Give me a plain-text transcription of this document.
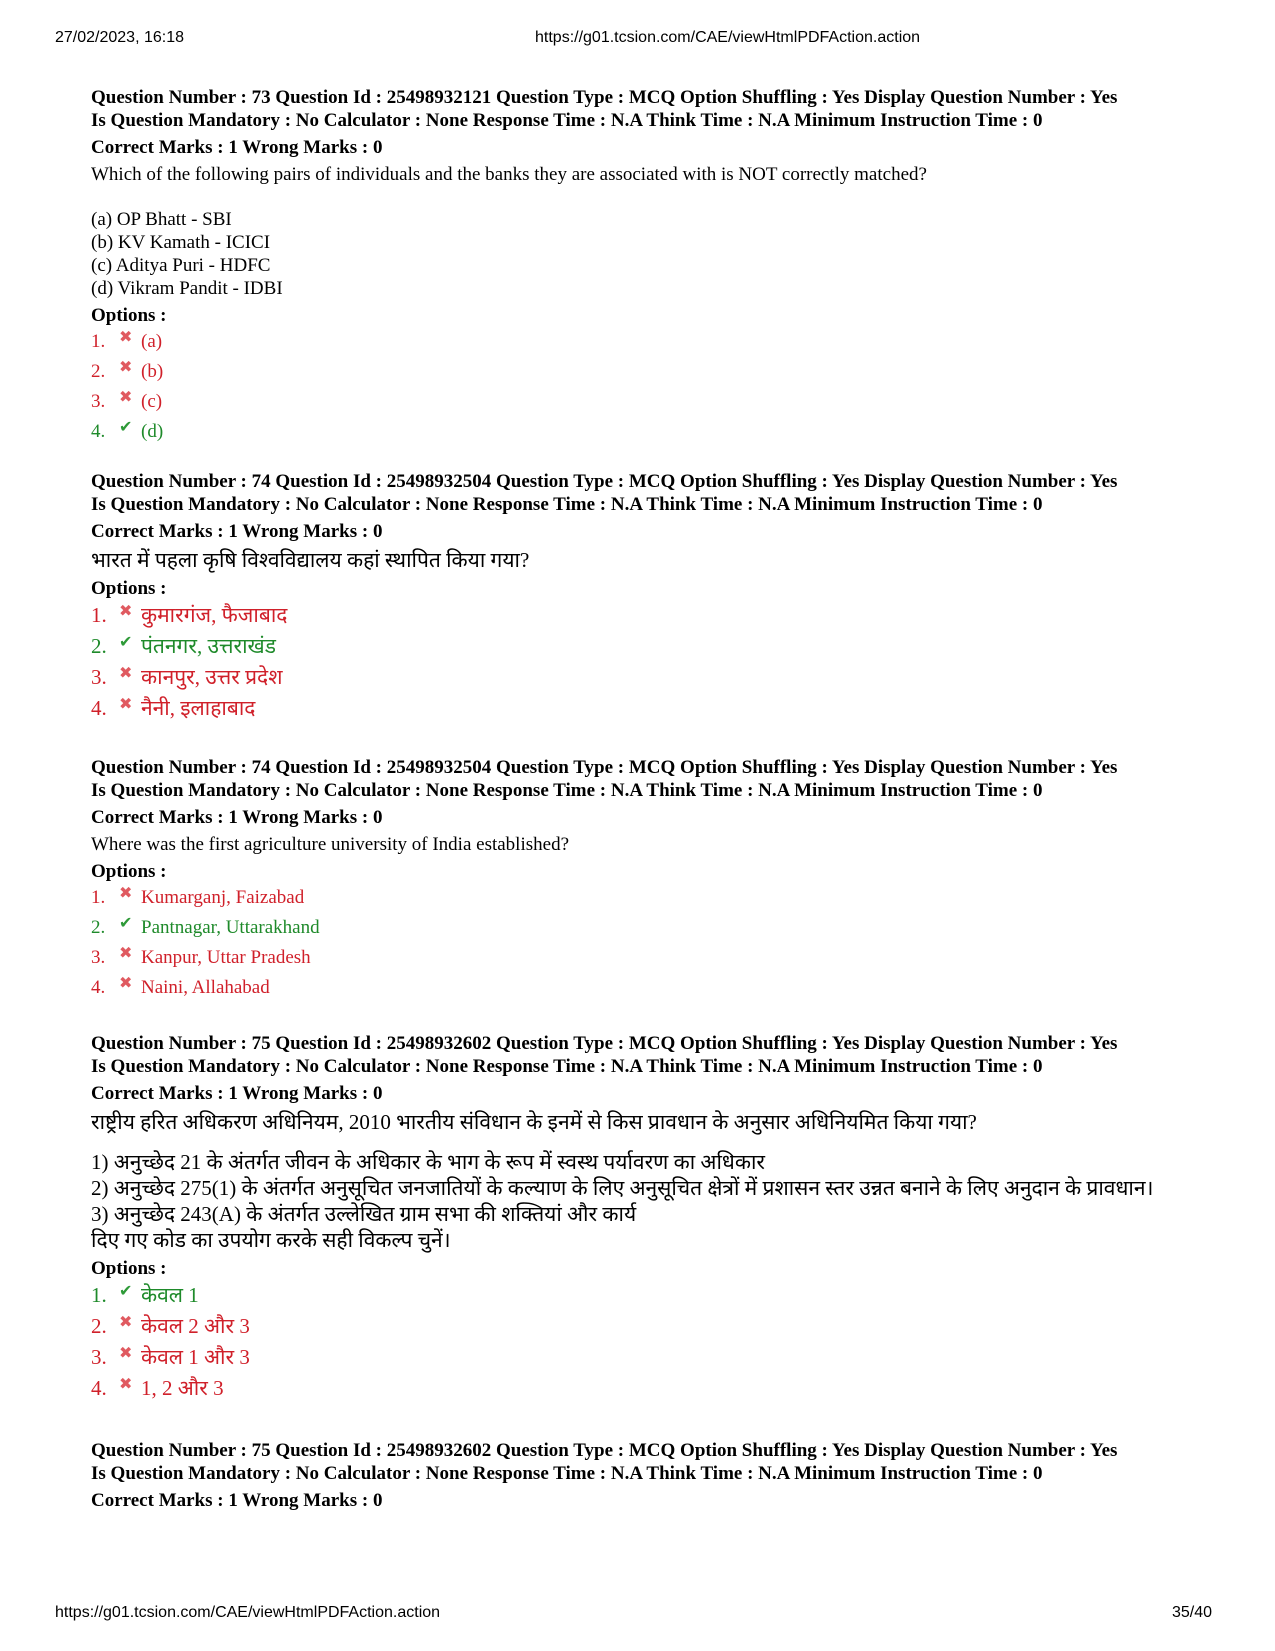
27/02/2023, 16:18	https://g01.tcsion.com/CAE/viewHtmlPDFAction.action

Question Number : 73 Question Id : 25498932121 Question Type : MCQ Option Shuffling : Yes Display Question Number : Yes

Is Question Mandatory : No Calculator : None Response Time : N.A Think Time : N.A Minimum Instruction Time : 0

Correct Marks : 1 Wrong Marks : 0

Which of the following pairs of individuals and the banks they are associated with is NOT correctly matched?

(a) OP Bhatt - SBI

(b) KV Kamath - ICICI

(c) Aditya Puri - HDFC

(d) Vikram Pandit - IDBI

Options :

1. ✖ (a)

2. ✖ (b)

3. ✖ (c)

4. ✔ (d)

Question Number : 74 Question Id : 25498932504 Question Type : MCQ Option Shuffling : Yes Display Question Number : Yes

Is Question Mandatory : No Calculator : None Response Time : N.A Think Time : N.A Minimum Instruction Time : 0

Correct Marks : 1 Wrong Marks : 0

भारत में पहला कृषि विश्वविद्यालय कहां स्थापित किया गया?

Options :

1. ✖ कुमारगंज, फैजाबाद

2. ✔ पंतनगर, उत्तराखंड

3. ✖ कानपुर, उत्तर प्रदेश

4. ✖ नैनी, इलाहाबाद

Question Number : 74 Question Id : 25498932504 Question Type : MCQ Option Shuffling : Yes Display Question Number : Yes

Is Question Mandatory : No Calculator : None Response Time : N.A Think Time : N.A Minimum Instruction Time : 0

Correct Marks : 1 Wrong Marks : 0

Where was the first agriculture university of India established?

Options :

1. ✖ Kumarganj, Faizabad

2. ✔ Pantnagar, Uttarakhand

3. ✖ Kanpur, Uttar Pradesh

4. ✖ Naini, Allahabad

Question Number : 75 Question Id : 25498932602 Question Type : MCQ Option Shuffling : Yes Display Question Number : Yes

Is Question Mandatory : No Calculator : None Response Time : N.A Think Time : N.A Minimum Instruction Time : 0

Correct Marks : 1 Wrong Marks : 0

राष्ट्रीय हरित अधिकरण अधिनियम, 2010 भारतीय संविधान के इनमें से किस प्रावधान के अनुसार अधिनियमित किया गया?

1) अनुच्छेद 21 के अंतर्गत जीवन के अधिकार के भाग के रूप में स्वस्थ पर्यावरण का अधिकार

2) अनुच्छेद 275(1) के अंतर्गत अनुसूचित जनजातियों के कल्याण के लिए अनुसूचित क्षेत्रों में प्रशासन स्तर उन्नत बनाने के लिए अनुदान के प्रावधान।

3) अनुच्छेद 243(A) के अंतर्गत उल्लेखित ग्राम सभा की शक्तियां और कार्य

दिए गए कोड का उपयोग करके सही विकल्प चुनें।

Options :

1. ✔ केवल 1

2. ✖ केवल 2 और 3

3. ✖ केवल 1 और 3

4. ✖ 1, 2 और 3

Question Number : 75 Question Id : 25498932602 Question Type : MCQ Option Shuffling : Yes Display Question Number : Yes

Is Question Mandatory : No Calculator : None Response Time : N.A Think Time : N.A Minimum Instruction Time : 0

Correct Marks : 1 Wrong Marks : 0

https://g01.tcsion.com/CAE/viewHtmlPDFAction.action	35/40
